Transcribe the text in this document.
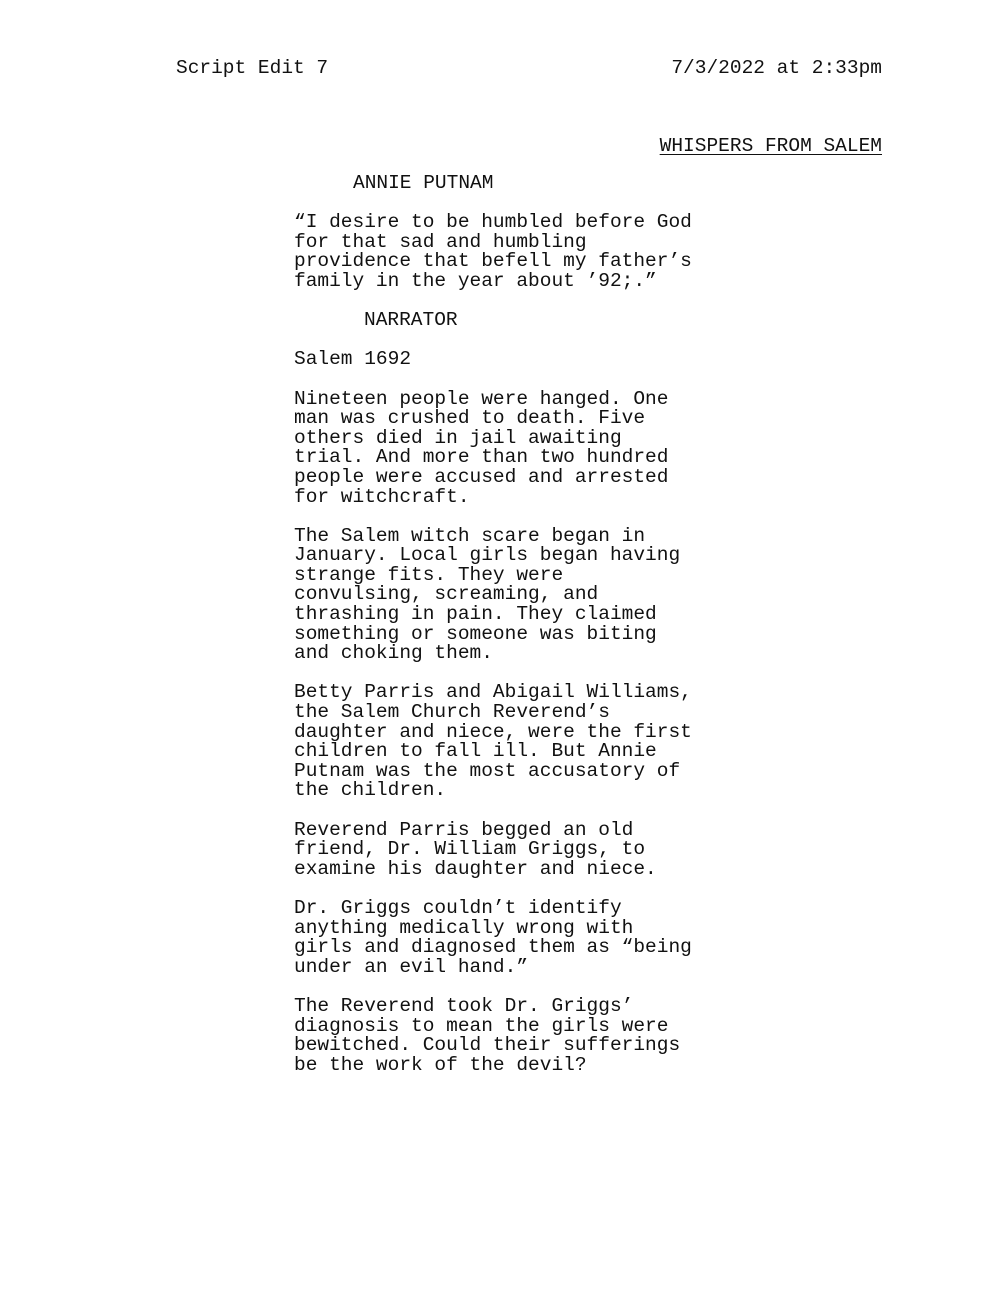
Script Edit 7	7/3/2022 at 2:33pm
WHISPERS FROM SALEM
ANNIE PUTNAM
“I desire to be humbled before God
for that sad and humbling
providence that befell my father’s
family in the year about ’92;.”
NARRATOR
Salem 1692
Nineteen people were hanged. One
man was crushed to death. Five
others died in jail awaiting
trial. And more than two hundred
people were accused and arrested
for witchcraft.
The Salem witch scare began in
January. Local girls began having
strange fits. They were
convulsing, screaming, and
thrashing in pain. They claimed
something or someone was biting
and choking them.
Betty Parris and Abigail Williams,
the Salem Church Reverend’s
daughter and niece, were the first
children to fall ill. But Annie
Putnam was the most accusatory of
the children.
Reverend Parris begged an old
friend, Dr. William Griggs, to
examine his daughter and niece.
Dr. Griggs couldn’t identify
anything medically wrong with
girls and diagnosed them as “being
under an evil hand.”
The Reverend took Dr. Griggs’
diagnosis to mean the girls were
bewitched. Could their sufferings
be the work of the devil?
